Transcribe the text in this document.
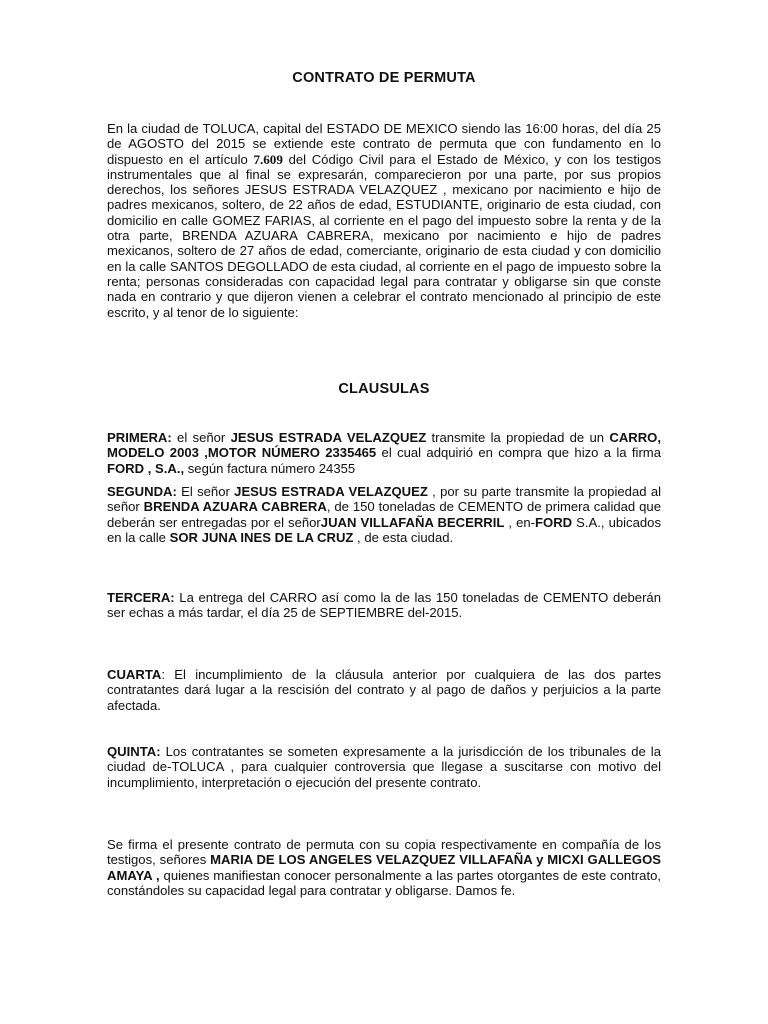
CONTRATO DE PERMUTA

En la ciudad de TOLUCA, capital del ESTADO DE MEXICO siendo las 16:00 horas, del día 25 de AGOSTO del 2015 se extiende este contrato de permuta que con fundamento en lo dispuesto en el artículo 7.609 del Código Civil para el Estado de México, y con los testigos instrumentales que al final se expresarán, comparecieron por una parte, por sus propios derechos, los señores JESUS ESTRADA VELAZQUEZ , mexicano por nacimiento e hijo de padres mexicanos, soltero, de 22 años de edad, ESTUDIANTE, originario de esta ciudad, con domicilio en calle GOMEZ FARIAS, al corriente en el pago del impuesto sobre la renta y de la otra parte, BRENDA AZUARA CABRERA, mexicano por nacimiento e hijo de padres mexicanos, soltero de 27 años de edad, comerciante, originario de esta ciudad y con domicilio en la calle SANTOS DEGOLLADO de esta ciudad, al corriente en el pago de impuesto sobre la renta; personas consideradas con capacidad legal para contratar y obligarse sin que conste nada en contrario y que dijeron vienen a celebrar el contrato mencionado al principio de este escrito, y al tenor de lo siguiente:

CLAUSULAS

PRIMERA: el señor JESUS ESTRADA VELAZQUEZ transmite la propiedad de un CARRO, MODELO 2003 ,MOTOR NÚMERO 2335465 el cual adquirió en compra que hizo a la firma FORD , S.A., según factura número 24355

SEGUNDA: El señor JESUS ESTRADA VELAZQUEZ , por su parte transmite la propiedad al señor BRENDA AZUARA CABRERA, de 150 toneladas de CEMENTO de primera calidad que deberán ser entregadas por el señorJUAN VILLAFAÑA BECERRIL , en-FORD S.A., ubicados en la calle SOR JUNA INES DE LA CRUZ , de esta ciudad.

TERCERA: La entrega del CARRO así como la de las 150 toneladas de CEMENTO deberán ser echas a más tardar, el día 25 de SEPTIEMBRE del-2015.

CUARTA: El incumplimiento de la cláusula anterior por cualquiera de las dos partes contratantes dará lugar a la rescisión del contrato y al pago de daños y perjuicios a la parte afectada.

QUINTA: Los contratantes se someten expresamente a la jurisdicción de los tribunales de la ciudad de-TOLUCA , para cualquier controversia que llegase a suscitarse con motivo del incumplimiento, interpretación o ejecución del presente contrato.

Se firma el presente contrato de permuta con su copia respectivamente en compañía de los testigos, señores MARIA DE LOS ANGELES VELAZQUEZ VILLAFAÑA y MICXI GALLEGOS AMAYA , quienes manifiestan conocer personalmente a las partes otorgantes de este contrato, constándoles su capacidad legal para contratar y obligarse. Damos fe.
